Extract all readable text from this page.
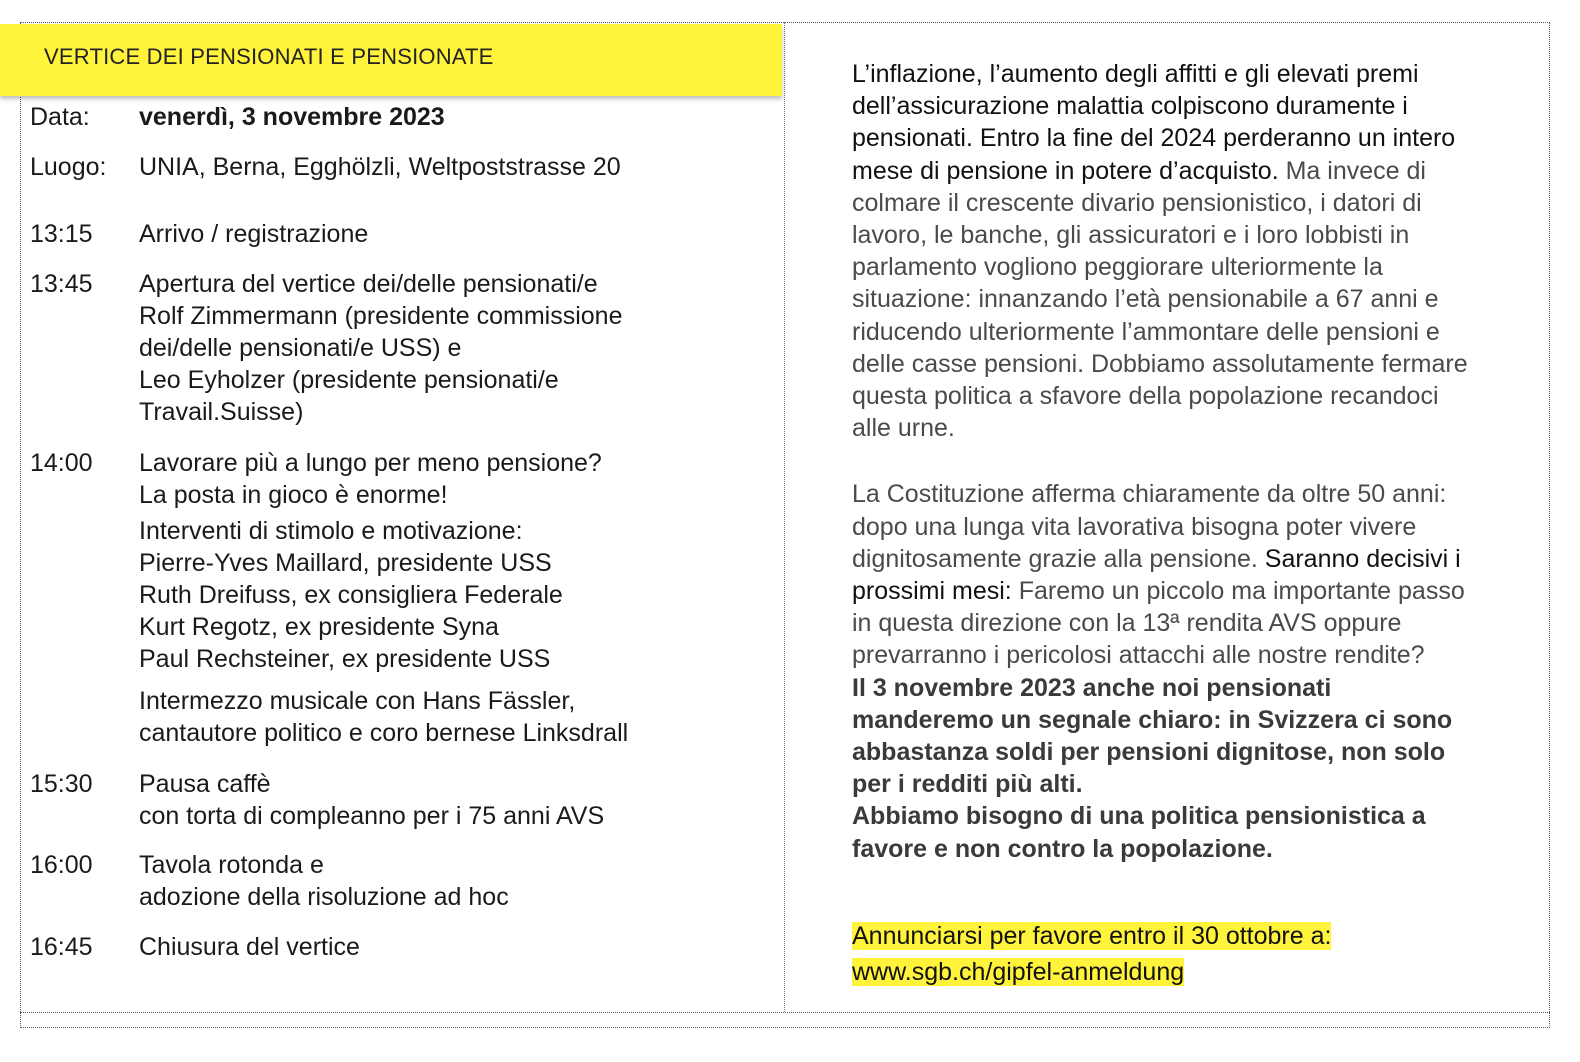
VERTICE DEI PENSIONATI E PENSIONATE
Data:	venerdì, 3 novembre 2023
Luogo:	UNIA, Berna, Egghölzli, Weltpoststrasse 20
13:15	Arrivo / registrazione
13:45	Apertura del vertice dei/delle pensionati/e
Rolf Zimmermann (presidente commissione
dei/delle pensionati/e USS) e
Leo Eyholzer (presidente pensionati/e
Travail.Suisse)
14:00	Lavorare più a lungo per meno pensione?
La posta in gioco è enorme!
Interventi di stimolo e motivazione:
Pierre-Yves Maillard, presidente USS
Ruth Dreifuss, ex consigliera Federale
Kurt Regotz, ex presidente Syna
Paul Rechsteiner, ex presidente USS
Intermezzo musicale con Hans Fässler,
cantautore politico e coro bernese Linksdrall
15:30	Pausa caffè
con torta di compleanno per i 75 anni AVS
16:00	Tavola rotonda e
adozione della risoluzione ad hoc
16:45	Chiusura del vertice
L’inflazione, l’aumento degli affitti e gli elevati premi
dell’assicurazione malattia colpiscono duramente i
pensionati. Entro la fine del 2024 perderanno un intero
mese di pensione in potere d’acquisto. Ma invece di
colmare il crescente divario pensionistico, i datori di
lavoro, le banche, gli assicuratori e i loro lobbisti in
parlamento vogliono peggiorare ulteriormente la
situazione: innanzando l’età pensionabile a 67 anni e
riducendo ulteriormente l’ammontare delle pensioni e
delle casse pensioni. Dobbiamo assolutamente fermare
questa politica a sfavore della popolazione recandoci
alle urne.
La Costituzione afferma chiaramente da oltre 50 anni:
dopo una lunga vita lavorativa bisogna poter vivere
dignitosamente grazie alla pensione. Saranno decisivi i
prossimi mesi: Faremo un piccolo ma importante passo
in questa direzione con la 13ª rendita AVS oppure
prevarranno i pericolosi attacchi alle nostre rendite?
Il 3 novembre 2023 anche noi pensionati
manderemo un segnale chiaro: in Svizzera ci sono
abbastanza soldi per pensioni dignitose, non solo
per i redditi più alti.
Abbiamo bisogno di una politica pensionistica a
favore e non contro la popolazione.
Annunciarsi per favore entro il 30 ottobre a:
www.sgb.ch/gipfel-anmeldung
